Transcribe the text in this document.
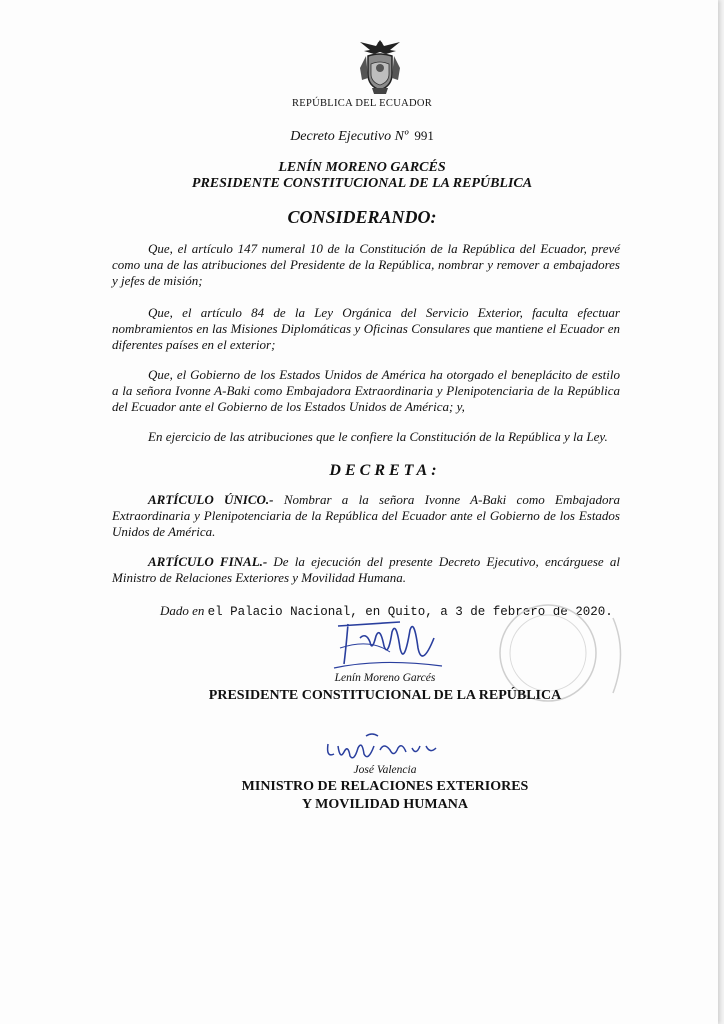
REPÚBLICA DEL ECUADOR
Decreto Ejecutivo Nº 991
LENÍN MORENO GARCÉS
PRESIDENTE CONSTITUCIONAL DE LA REPÚBLICA
CONSIDERANDO:

Que, el artículo 147 numeral 10 de la Constitución de la República del Ecuador, prevé como una de las atribuciones del Presidente de la República, nombrar y remover a embajadores y jefes de misión;

Que, el artículo 84 de la Ley Orgánica del Servicio Exterior, faculta efectuar nombramientos en las Misiones Diplomáticas y Oficinas Consulares que mantiene el Ecuador en diferentes países en el exterior;

Que, el Gobierno de los Estados Unidos de América ha otorgado el beneplácito de estilo a la señora Ivonne A-Baki como Embajadora Extraordinaria y Plenipotenciaria de la República del Ecuador ante el Gobierno de los Estados Unidos de América; y,

En ejercicio de las atribuciones que le confiere la Constitución de la República y la Ley.

DECRETA:

ARTÍCULO ÚNICO.- Nombrar a la señora Ivonne A-Baki como Embajadora Extraordinaria y Plenipotenciaria de la República del Ecuador ante el Gobierno de los Estados Unidos de América.

ARTÍCULO FINAL.- De la ejecución del presente Decreto Ejecutivo, encárguese al Ministro de Relaciones Exteriores y Movilidad Humana.

Dado en el Palacio Nacional, en Quito, a 3 de febrero de 2020.
Lenín Moreno Garcés
PRESIDENTE CONSTITUCIONAL DE LA REPÚBLICA
José Valencia
MINISTRO DE RELACIONES EXTERIORES
Y MOVILIDAD HUMANA
